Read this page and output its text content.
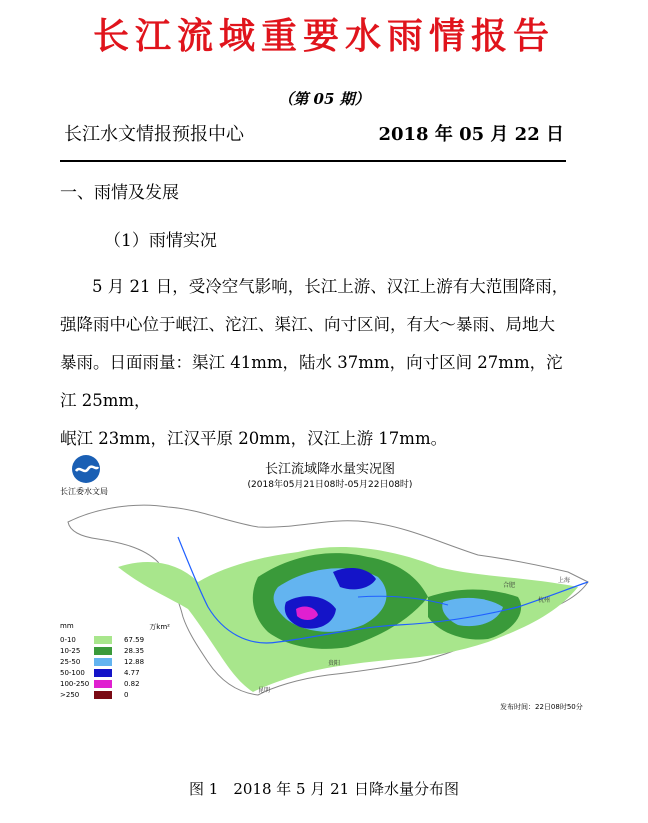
长江流域重要水雨情报告
（第 05 期）
长江水文情报预报中心	2018 年 05 月 22 日
一、雨情及发展
（1）雨情实况

5 月 21 日，受冷空气影响，长江上游、汉江上游有大范围降雨，

强降雨中心位于岷江、沱江、渠江、向寸区间，有大～暴雨、局地大

暴雨。日面雨量：渠江 41mm，陆水 37mm，向寸区间 27mm，沱江 25mm，

岷江 23mm，江汉平原 20mm，汉江上游 17mm。

上海
杭州
合肥
昆明
贵阳
长江委水文局
长江流域降水量实况图
(2018年05月21日08时-05月22日08时)
mm	万km²
0-10	67.59
10-25	28.35
25-50	12.88
50-100	4.77
100-250	0.82
>250	0
发布时间：22日08时50分
图 1　2018 年 5 月 21 日降水量分布图
